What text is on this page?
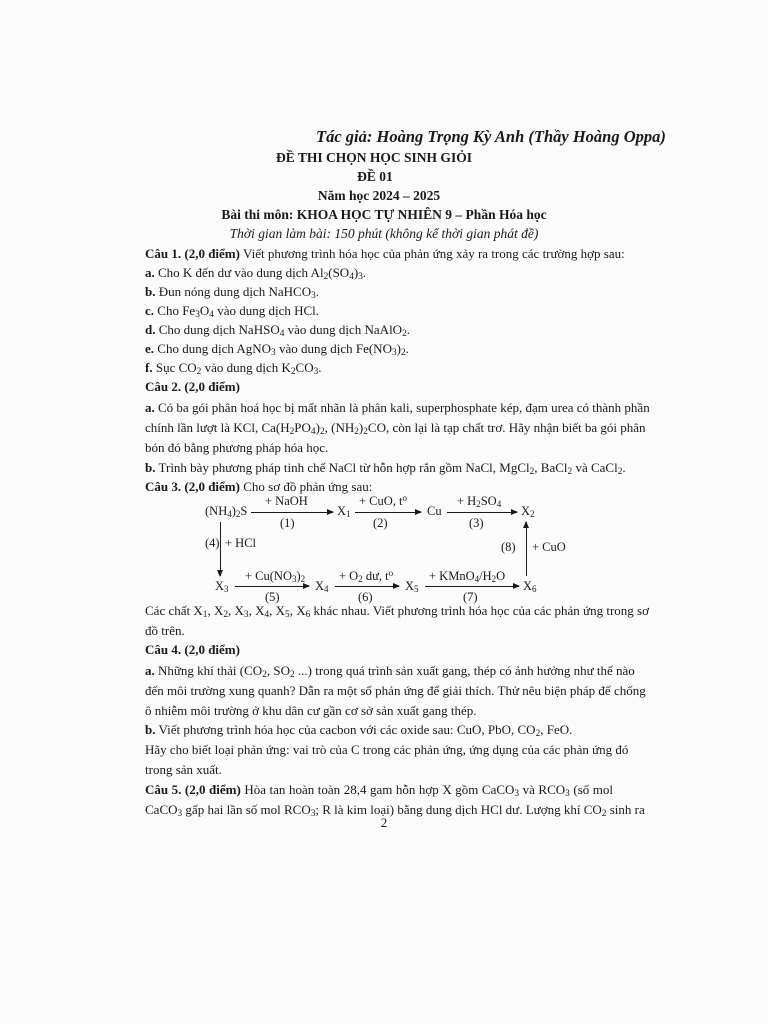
Tác giả: Hoàng Trọng Kỳ Anh (Thầy Hoàng Oppa)
ĐỀ THI CHỌN HỌC SINH GIỎI
ĐỀ 01
Năm học 2024 – 2025
Bài thi môn: KHOA HỌC TỰ NHIÊN 9 – Phần Hóa học
Thời gian làm bài: 150 phút (không kể thời gian phát đề)
Câu 1. (2,0 điểm) Viết phương trình hóa học của phản ứng xảy ra trong các trường hợp sau:
a. Cho K đến dư vào dung dịch $Al_2(SO_4)_3$.
b. Đun nóng dung dịch NaHCO$_3$.
c. Cho $Fe_3O_4$ vào dung dịch HCl.
d. Cho dung dịch NaHSO$_4$ vào dung dịch NaAlO$_2$.
e. Cho dung dịch AgNO$_3$ vào dung dịch $Fe(NO_3)_2$.
f. Sục $CO_2$ vào dung dịch $K_2CO_3$.
Câu 2. (2,0 điểm)
a. Có ba gói phân hoá học bị mất nhãn là phân kali, superphosphate kép, đạm urea có thành phần
chính lần lượt là KCl, $Ca(H_2PO_4)_2$, $(NH_2)_2CO$, còn lại là tạp chất trơ. Hãy nhận biết ba gói phân
bón đó bằng phương pháp hóa học.
b. Trình bày phương pháp tinh chế NaCl từ hỗn hợp rắn gồm NaCl, MgCl$_2$, BaCl$_2$ và CaCl$_2$.
Câu 3. (2,0 điểm) Cho sơ đồ phản ứng sau:
$(NH_4)_2S$
+ NaOH
(1)
$X_1$
+ CuO, $t^o$
(2)
Cu
+ $H_2SO_4$
(3)
$X_2$
(4) + HCl	(8) + CuO
$X_3$
+ $Cu(NO_3)_2$
(5)
$X_4$
+ $O_2$ dư, $t^o$
(6)
$X_5$
+ $KMnO_4/H_2O$
(7)
$X_6$
Các chất $X_1$, $X_2$, $X_3$, $X_4$, $X_5$, $X_6$ khác nhau. Viết phương trình hóa học của các phản ứng trong sơ
đồ trên.
Câu 4. (2,0 điểm)
a. Những khí thải ($CO_2$, $SO_2$ ...) trong quá trình sản xuất gang, thép có ảnh hưởng như thế nào
đến môi trường xung quanh? Dẫn ra một số phản ứng để giải thích. Thử nêu biện pháp để chống
ô nhiễm môi trường ở khu dân cư gần cơ sở sản xuất gang thép.
b. Viết phương trình hóa học của cacbon với các oxide sau: CuO, PbO, $CO_2$, FeO.
Hãy cho biết loại phản ứng: vai trò của C trong các phản ứng, ứng dụng của các phản ứng đó
trong sản xuất.
Câu 5. (2,0 điểm) Hòa tan hoàn toàn 28,4 gam hỗn hợp X gồm CaCO$_3$ và $RCO_3$ (số mol
CaCO$_3$ gấp hai lần số mol $RCO_3$; R là kim loại) bằng dung dịch HCl dư. Lượng khí $CO_2$ sinh ra
2
